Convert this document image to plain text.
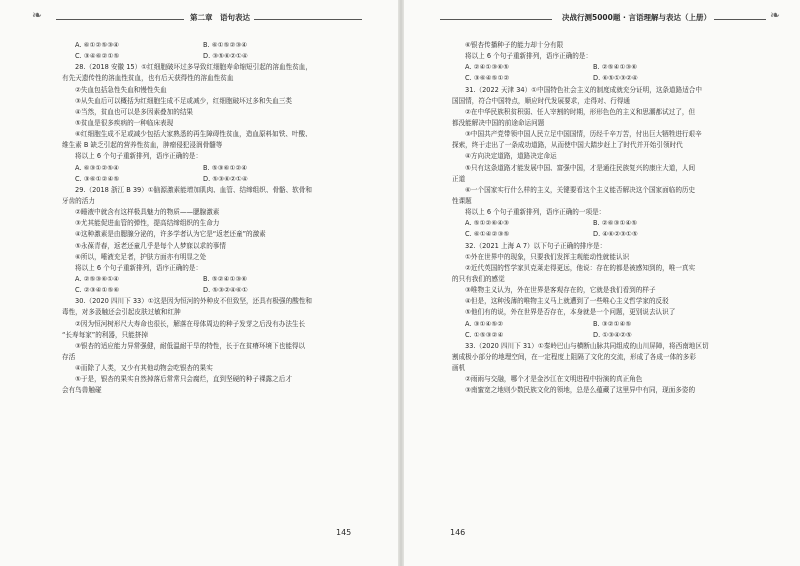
❧	第二章　语句表达
A. ⑥①②⑤③④	B. ⑥①⑤②③④
C. ③④⑥②①⑤	D. ③⑤⑥②①④
28.（2018 安徽 15）①红细胞破坏过多导致红细胞寿命缩短引起的溶血性贫血，
有先天遗传性的溶血性贫血，也有后天获得性的溶血性贫血
②失血包括急性失血和慢性失血
③从失血后可以概括为红细胞生成不足或减少，红细胞破坏过多和失血三类
④当然，贫血也可以是多因素叠加的结果
⑤贫血是很多疾病的一种临床表现
⑥红细胞生成不足或减少包括大家熟悉的再生障碍性贫血，造血原料如铁、叶酸、
维生素 B 缺乏引起的营养性贫血，肿瘤侵犯浸润骨髓等
将以上 6 个句子重新排列，语序正确的是：
A. ⑥③①②⑤④	B. ⑤③⑥①②④
C. ③⑥①②④⑤	D. ⑤③⑥②①④
29.（2018 浙江 B 39）①脑源激素能增加肌肉、血管、结缔组织、骨骼、软骨和
牙齿的活力
②睡液中就含有这样极具魅力的物质——腮腺激素
③尤其能促进血管的弹性，提高结缔组织的生命力
④这种激素是由腮腺分泌的，许多学者认为它是“返老还童”的激素
⑤永葆青春，返老还童几乎是每个人梦寐以求的事情
⑥所以，唾液充足者，护肤方面亦有明显之处
将以上 6 个句子重新排列，语序正确的是：
A. ②⑤③⑥①④	B. ⑤②④①③⑥
C. ②③④①⑤⑥	D. ⑤③②④⑥①
30.（2020 四川下 33）①这是因为恒河的外种皮不但致坚，还具有极强的酸性和
毒性，对多汲触还会引起皮肤过敏和红肿
②因为恒河树形尺大寿命也很长，解落在母体周边的种子发芽之后没有办法生长
“长寿每家”的利器，只能挤掉
③银杏的适应能力异常强健，耐低温耐干旱的特性，长于在贫瘠环境下也能得以
存活
④而除了人类，又少有其他动物会吃银杏的果实
⑤于是，银杏的果实自然掉落后常常只会腐烂，直到坚硬的种子裸露之后才
会有鸟兽触碰
145
决战行测5000题 · 言语理解与表达（上册）	❧
⑥银杏传播种子的能力却十分有限
将以上 6 个句子重新排列，语序正确的是：
A. ②④①③⑥⑤	B. ②⑤④①③⑥
C. ③⑥④⑤①②	D. ⑥⑤①③②④
31.（2022 天津 34）①中国特色社会主义的制度成就充分证明，这条道路适合中
国国情，符合中国特点，顺应时代发展要求，走得对、行得通
②在中华民族积贫积弱、任人宰割的时期，形形色色的主义和思潮都试过了，但
都没能解决中国的前途命运问题
③中国共产党带领中国人民立足中国国情，历经千辛万苦，付出巨大牺牲进行艰辛
探索，终于走出了一条成功道路，从而使中国大踏步赶上了时代并开始引领时代
④方向决定道路，道路决定命运
⑤只有这条道路才能发展中国、富强中国，才是通往民族复兴的康庄大道，人间
正道
⑥一个国家实行什么样的主义，关键要看这个主义能否解决这个国家面临的历史
性课题
将以上 6 个句子重新排列，语序正确的一项是：
A. ⑤①②⑥④③	B. ②⑥③①④⑤
C. ⑥①④②③⑤	D. ④⑥②③①⑤
32.（2021 上海 A 7）以下句子正确的排序是：
①外在世界中的现象，只要我们发挥主观能动性就能认识
②近代英国的哲学家贝克莱走得更远，他说：存在的都是被感知到的，唯一真实
的只有我们的感觉
③唯物主义认为，外在世界是客观存在的，它就是我们看到的样子
④但是，这种浅薄的唯物主义马上就遭到了一些唯心主义哲学家的反驳
⑤他们有的说，外在世界是否存在，本身就是一个问题，更别说去认识了
A. ③①④⑤②	B. ③②①④⑤
C. ①⑤③②④	D. ①③④②⑤
33.（2020 四川下 31）①秦岭巴山与横断山脉共同组成的山川屏障，将西南地区切
割成极小部分的地理空间，在一定程度上阻隔了文化的交流，形成了各成一体的多彩
画机
②雨雨与交融，哪个才是金沙江在文明进程中扮演的真正角色
③南蜜宽之地则少数民族文化的领地，总是么蕴藏了这里异中有同，现面多姿的
146
